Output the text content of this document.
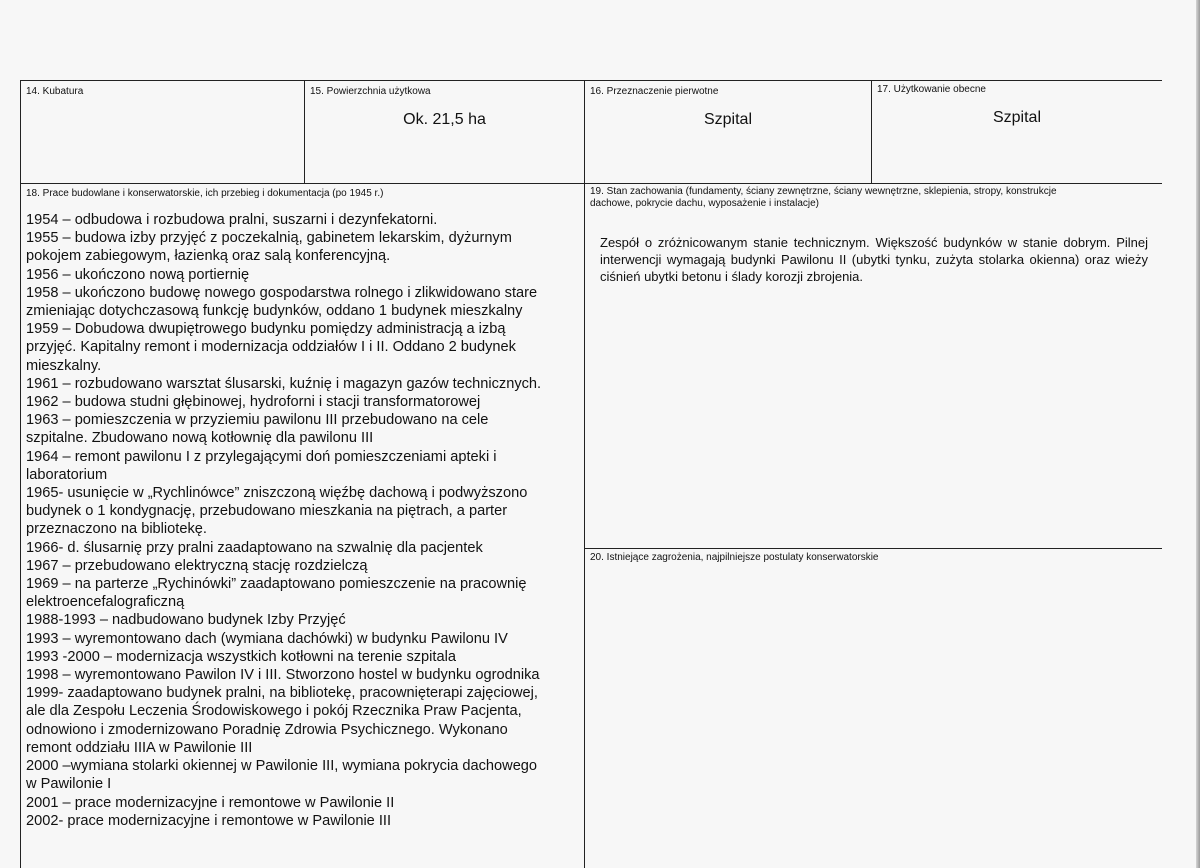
14. Kubatura	15. Powierzchnia użytkowa
Ok. 21,5 ha
16. Przeznaczenie pierwotne
Szpital
17. Użytkowanie obecne
Szpital
18. Prace budowlane i konserwatorskie, ich przebieg i dokumentacja (po 1945 r.)
1954 – odbudowa i rozbudowa pralni, suszarni i dezynfekatorni.
1955 – budowa izby przyjęć z poczekalnią, gabinetem lekarskim, dyżurnym
pokojem zabiegowym, łazienką oraz salą konferencyjną.
1956 – ukończono nową portiernię
1958 – ukończono budowę nowego gospodarstwa rolnego i zlikwidowano stare
zmieniając dotychczasową funkcję budynków, oddano 1 budynek mieszkalny
1959 – Dobudowa dwupiętrowego budynku pomiędzy administracją a izbą
przyjęć. Kapitalny remont i modernizacja oddziałów I i II. Oddano 2 budynek
mieszkalny.
1961 – rozbudowano warsztat ślusarski, kuźnię i magazyn gazów technicznych.
1962 – budowa studni głębinowej, hydroforni i stacji transformatorowej
1963 – pomieszczenia w przyziemiu pawilonu III przebudowano na cele
szpitalne. Zbudowano nową kotłownię dla pawilonu III
1964 – remont pawilonu I z przylegającymi doń pomieszczeniami apteki i
laboratorium
1965- usunięcie w „Rychlinówce” zniszczoną więźbę dachową i podwyższono
budynek o 1 kondygnację, przebudowano mieszkania na piętrach, a parter
przeznaczono na bibliotekę.
1966- d. ślusarnię przy pralni zaadaptowano na szwalnię dla pacjentek
1967 – przebudowano elektryczną stację rozdzielczą
1969 – na parterze „Rychinówki” zaadaptowano pomieszczenie na pracownię
elektroencefalograficzną
1988-1993 – nadbudowano budynek Izby Przyjęć
1993 – wyremontowano dach (wymiana dachówki) w budynku Pawilonu IV
1993 -2000 – modernizacja wszystkich kotłowni na terenie szpitala
1998 – wyremontowano Pawilon IV i III. Stworzono hostel w budynku ogrodnika
1999- zaadaptowano budynek pralni, na bibliotekę, pracownięterapi zajęciowej,
ale dla Zespołu Leczenia Środowiskowego i pokój Rzecznika Praw Pacjenta,
odnowiono i zmodernizowano Poradnię Zdrowia Psychicznego. Wykonano
remont oddziału IIIA w Pawilonie III
2000 –wymiana stolarki okiennej w Pawilonie III, wymiana pokrycia dachowego
w Pawilonie I
2001 – prace modernizacyjne i remontowe w Pawilonie II
2002- prace modernizacyjne i remontowe w Pawilonie III
19. Stan zachowania (fundamenty, ściany zewnętrzne, ściany wewnętrzne, sklepienia, stropy, konstrukcje dachowe, pokrycie dachu, wyposażenie i instalacje)
Zespół o zróżnicowanym stanie technicznym. Większość budynków w stanie dobrym. Pilnej interwencji wymagają budynki Pawilonu II (ubytki tynku, zużyta stolarka okienna) oraz wieży ciśnień ubytki betonu i ślady korozji zbrojenia.
20. Istniejące zagrożenia, najpilniejsze postulaty konserwatorskie
